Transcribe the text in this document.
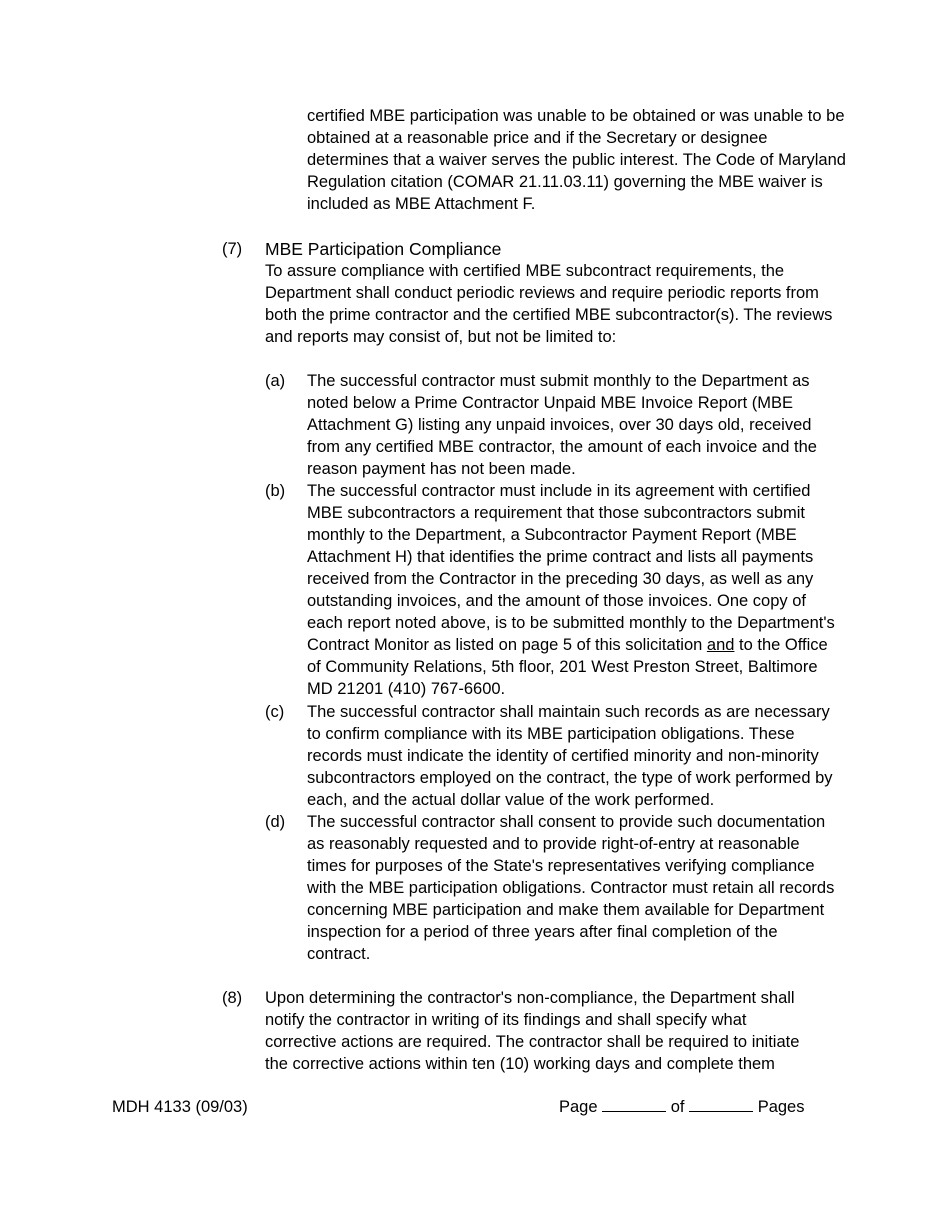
certified MBE participation was unable to be obtained or was unable to be obtained at a reasonable price and if the Secretary or designee determines that a waiver serves the public interest. The Code of Maryland Regulation citation (COMAR 21.11.03.11) governing the MBE waiver is included as MBE Attachment F.

(7) MBE Participation Compliance

To assure compliance with certified MBE subcontract requirements, the Department shall conduct periodic reviews and require periodic reports from both the prime contractor and the certified MBE subcontractor(s). The reviews and reports may consist of, but not be limited to:

(a) The successful contractor must submit monthly to the Department as noted below a Prime Contractor Unpaid MBE Invoice Report (MBE Attachment G) listing any unpaid invoices, over 30 days old, received from any certified MBE contractor, the amount of each invoice and the reason payment has not been made.

(b) The successful contractor must include in its agreement with certified MBE subcontractors a requirement that those subcontractors submit monthly to the Department, a Subcontractor Payment Report (MBE Attachment H) that identifies the prime contract and lists all payments received from the Contractor in the preceding 30 days, as well as any outstanding invoices, and the amount of those invoices. One copy of each report noted above, is to be submitted monthly to the Department's Contract Monitor as listed on page 5 of this solicitation and to the Office of Community Relations, 5th floor, 201 West Preston Street, Baltimore MD 21201 (410) 767-6600.

(c) The successful contractor shall maintain such records as are necessary to confirm compliance with its MBE participation obligations. These records must indicate the identity of certified minority and non-minority subcontractors employed on the contract, the type of work performed by each, and the actual dollar value of the work performed.

(d) The successful contractor shall consent to provide such documentation as reasonably requested and to provide right-of-entry at reasonable times for purposes of the State's representatives verifying compliance with the MBE participation obligations. Contractor must retain all records concerning MBE participation and make them available for Department inspection for a period of three years after final completion of the contract.

(8) Upon determining the contractor's non-compliance, the Department shall notify the contractor in writing of its findings and shall specify what corrective actions are required. The contractor shall be required to initiate the corrective actions within ten (10) working days and complete them

MDH 4133 (09/03)	Page	of	Pages
